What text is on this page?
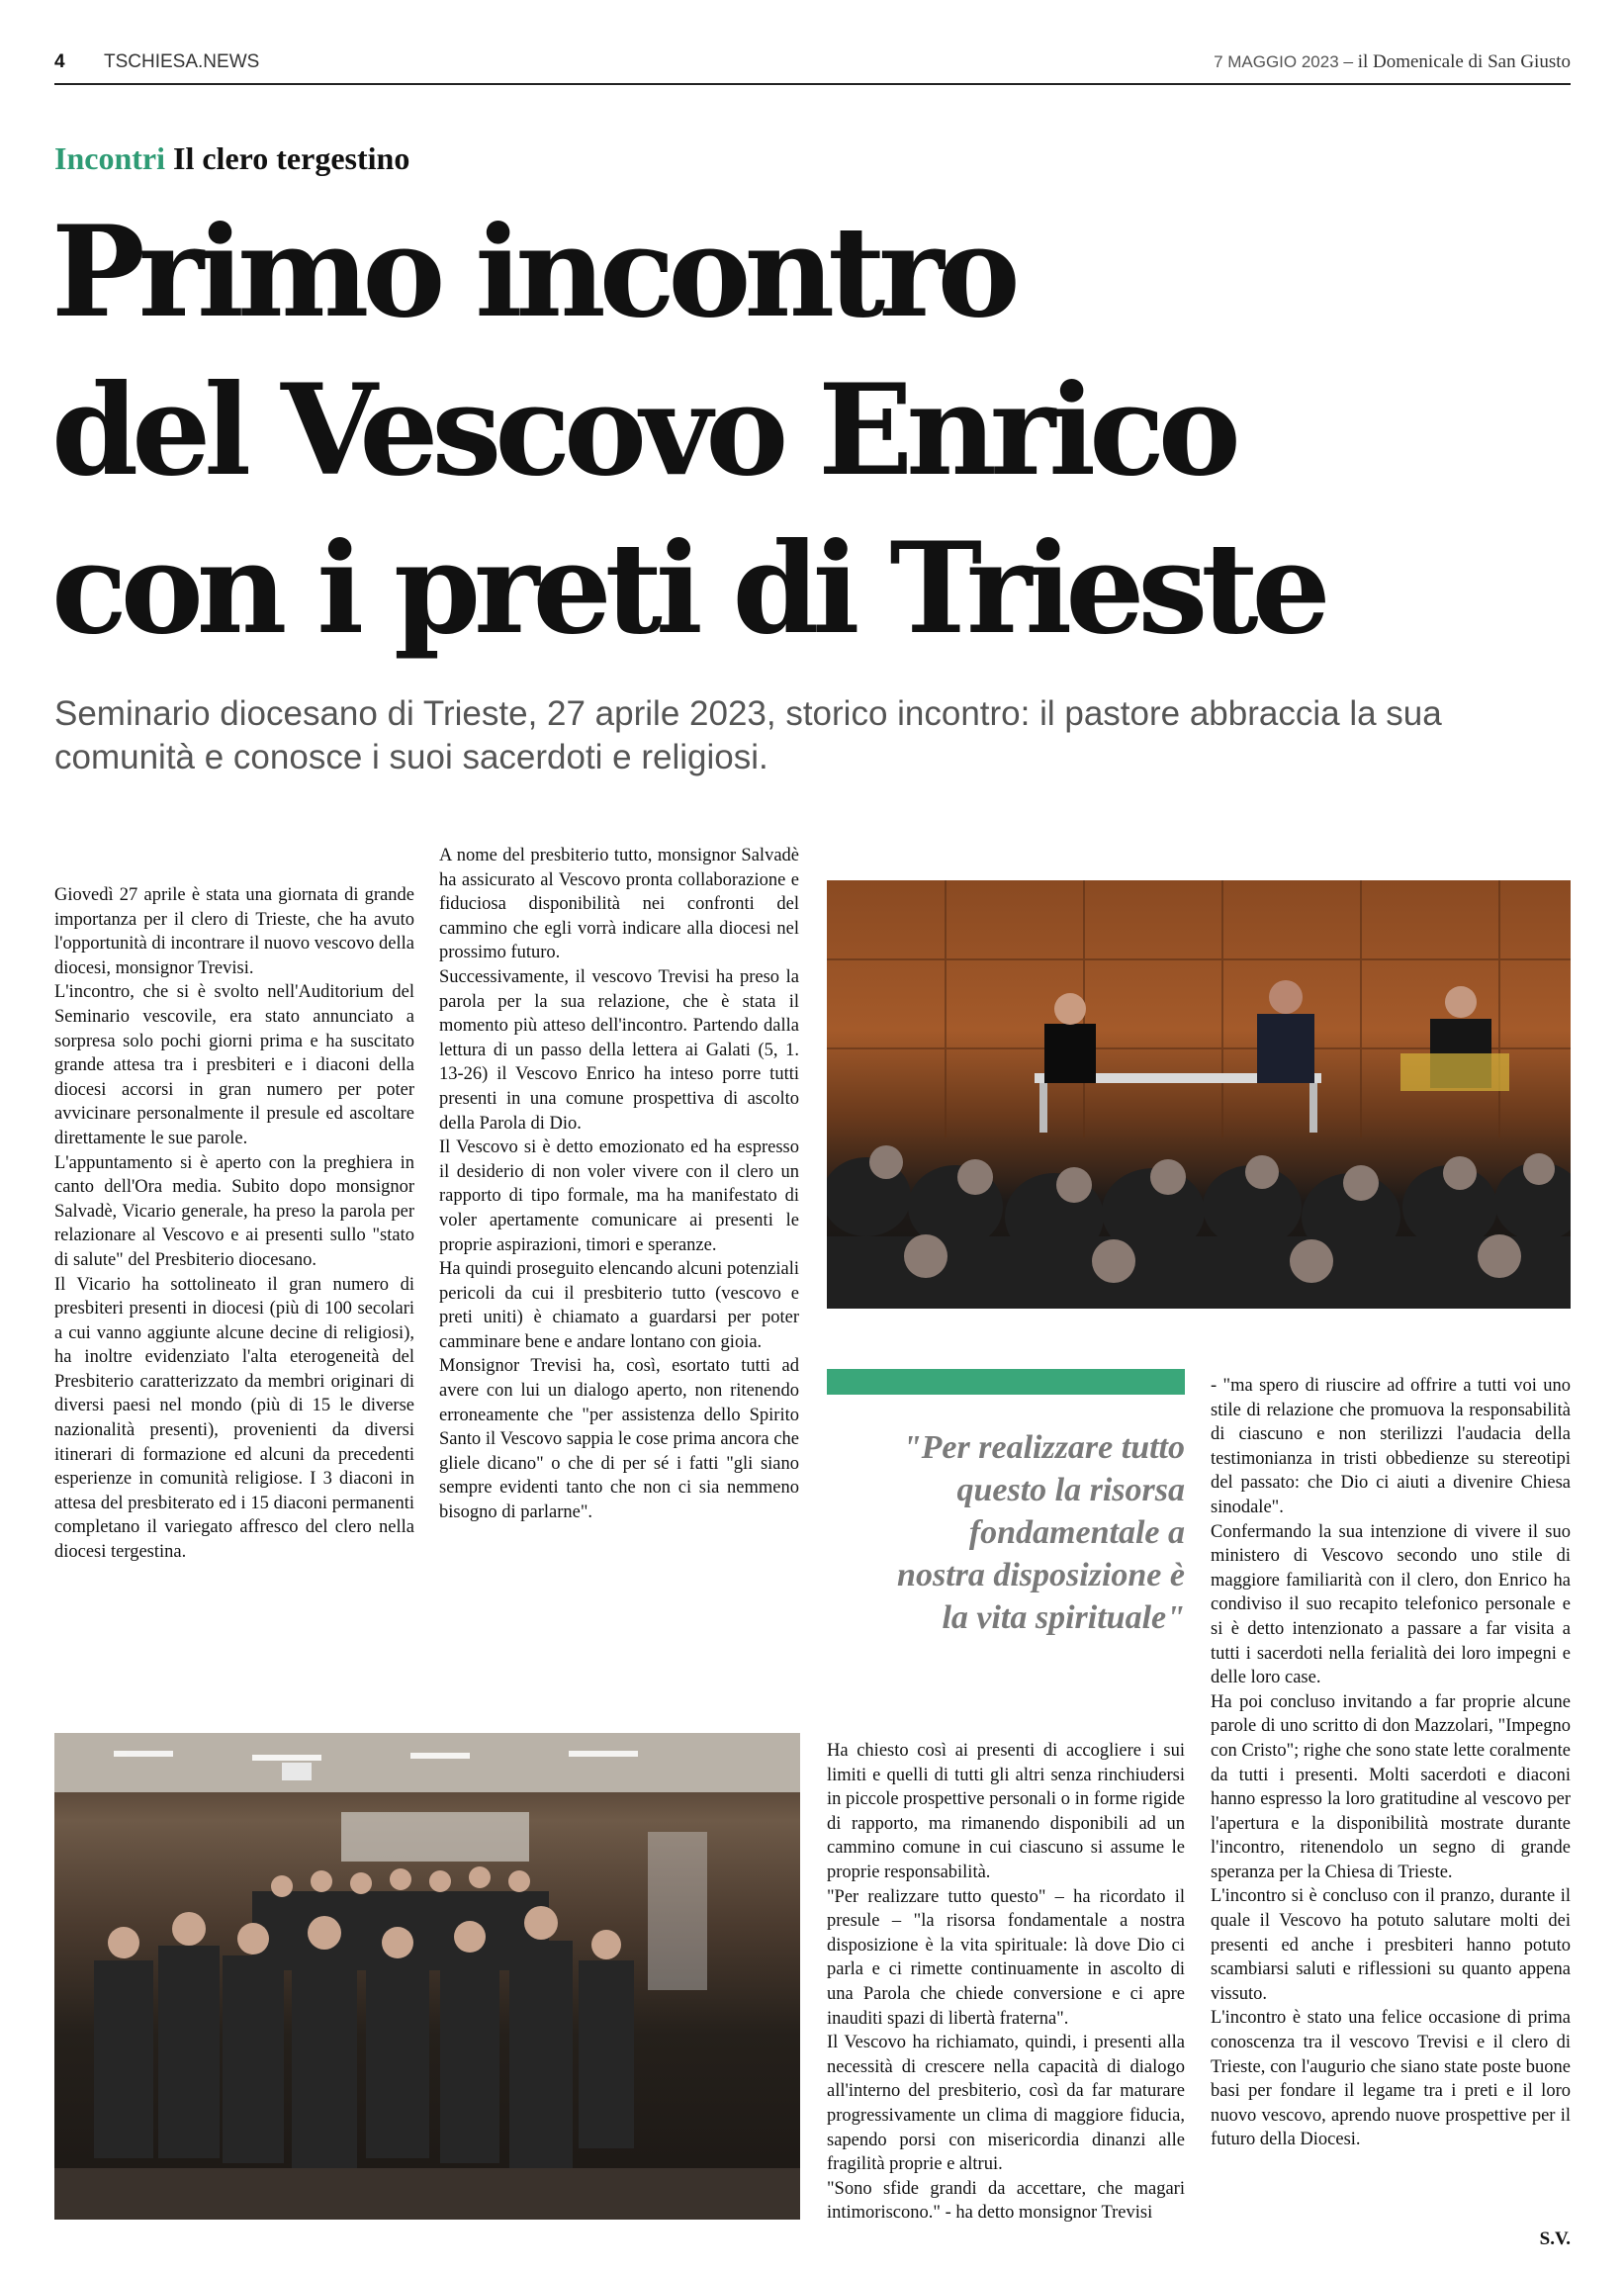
4 TSCHIESA.NEWS	7 MAGGIO 2023 – il Domenicale di San Giusto
Incontri Il clero tergestino
Primo incontro
del Vescovo Enrico
con i preti di Trieste
Seminario diocesano di Trieste, 27 aprile 2023, storico incontro: il pastore abbraccia la sua comunità e conosce i suoi sacerdoti e religiosi.

Giovedì 27 aprile è stata una giornata di grande importanza per il clero di Trieste, che ha avuto l'opportunità di incontrare il nuovo vescovo della diocesi, monsignor Trevisi.

L'incontro, che si è svolto nell'Auditorium del Seminario vescovile, era stato annunciato a sorpresa solo pochi giorni prima e ha suscitato grande attesa tra i presbiteri e i diaconi della diocesi accorsi in gran numero per poter avvicinare personalmente il presule ed ascoltare direttamente le sue parole.

L'appuntamento si è aperto con la preghiera in canto dell'Ora media. Subito dopo monsignor Salvadè, Vicario generale, ha preso la parola per relazionare al Vescovo e ai presenti sullo "stato di salute" del Presbiterio diocesano.

Il Vicario ha sottolineato il gran numero di presbiteri presenti in diocesi (più di 100 secolari a cui vanno aggiunte alcune decine di religiosi), ha inoltre evidenziato l'alta eterogeneità del Presbiterio caratterizzato da membri originari di diversi paesi nel mondo (più di 15 le diverse nazionalità presenti), provenienti da diversi itinerari di formazione ed alcuni da precedenti esperienze in comunità religiose. I 3 diaconi in attesa del presbiterato ed i 15 diaconi permanenti completano il variegato affresco del clero nella diocesi tergestina.

A nome del presbiterio tutto, monsignor Salvadè ha assicurato al Vescovo pronta collaborazione e fiduciosa disponibilità nei confronti del cammino che egli vorrà indicare alla diocesi nel prossimo futuro.

Successivamente, il vescovo Trevisi ha preso la parola per la sua relazione, che è stata il momento più atteso dell'incontro. Partendo dalla lettura di un passo della lettera ai Galati (5, 1. 13-26) il Vescovo Enrico ha inteso porre tutti presenti in una comune prospettiva di ascolto della Parola di Dio.

Il Vescovo si è detto emozionato ed ha espresso il desiderio di non voler vivere con il clero un rapporto di tipo formale, ma ha manifestato di voler apertamente comunicare ai presenti le proprie aspirazioni, timori e speranze.

Ha quindi proseguito elencando alcuni potenziali pericoli da cui il presbiterio tutto (vescovo e preti uniti) è chiamato a guardarsi per poter camminare bene e andare lontano con gioia.

Monsignor Trevisi ha, così, esortato tutti ad avere con lui un dialogo aperto, non ritenendo erroneamente che "per assistenza dello Spirito Santo il Vescovo sappia le cose prima ancora che gliele dicano" o che di per sé i fatti "gli siano sempre evidenti tanto che non ci sia nemmeno bisogno di parlarne".

"Per realizzare tutto questo la risorsa fondamentale a nostra disposizione è la vita spirituale"

Ha chiesto così ai presenti di accogliere i sui limiti e quelli di tutti gli altri senza rinchiudersi in piccole prospettive personali o in forme rigide di rapporto, ma rimanendo disponibili ad un cammino comune in cui ciascuno si assume le proprie responsabilità.

"Per realizzare tutto questo" – ha ricordato il presule – "la risorsa fondamentale a nostra disposizione è la vita spirituale: là dove Dio ci parla e ci rimette continuamente in ascolto di una Parola che chiede conversione e ci apre inauditi spazi di libertà fraterna".

Il Vescovo ha richiamato, quindi, i presenti alla necessità di crescere nella capacità di dialogo all'interno del presbiterio, così da far maturare progressivamente un clima di maggiore fiducia, sapendo porsi con misericordia dinanzi alle fragilità proprie e altrui.

"Sono sfide grandi da accettare, che magari intimoriscono." - ha detto monsignor Trevisi

- "ma spero di riuscire ad offrire a tutti voi uno stile di relazione che promuova la responsabilità di ciascuno e non sterilizzi l'audacia della testimonianza in tristi obbedienze su stereotipi del passato: che Dio ci aiuti a divenire Chiesa sinodale".

Confermando la sua intenzione di vivere il suo ministero di Vescovo secondo uno stile di maggiore familiarità con il clero, don Enrico ha condiviso il suo recapito telefonico personale e si è detto intenzionato a passare a far visita a tutti i sacerdoti nella ferialità dei loro impegni e delle loro case.

Ha poi concluso invitando a far proprie alcune parole di uno scritto di don Mazzolari, "Impegno con Cristo"; righe che sono state lette coralmente da tutti i presenti. Molti sacerdoti e diaconi hanno espresso la loro gratitudine al vescovo per l'apertura e la disponibilità mostrate durante l'incontro, ritenendolo un segno di grande speranza per la Chiesa di Trieste.

L'incontro si è concluso con il pranzo, durante il quale il Vescovo ha potuto salutare molti dei presenti ed anche i presbiteri hanno potuto scambiarsi saluti e riflessioni su quanto appena vissuto.

L'incontro è stato una felice occasione di prima conoscenza tra il vescovo Trevisi e il clero di Trieste, con l'augurio che siano state poste buone basi per fondare il legame tra i preti e il loro nuovo vescovo, aprendo nuove prospettive per il futuro della Diocesi.

S.V.
